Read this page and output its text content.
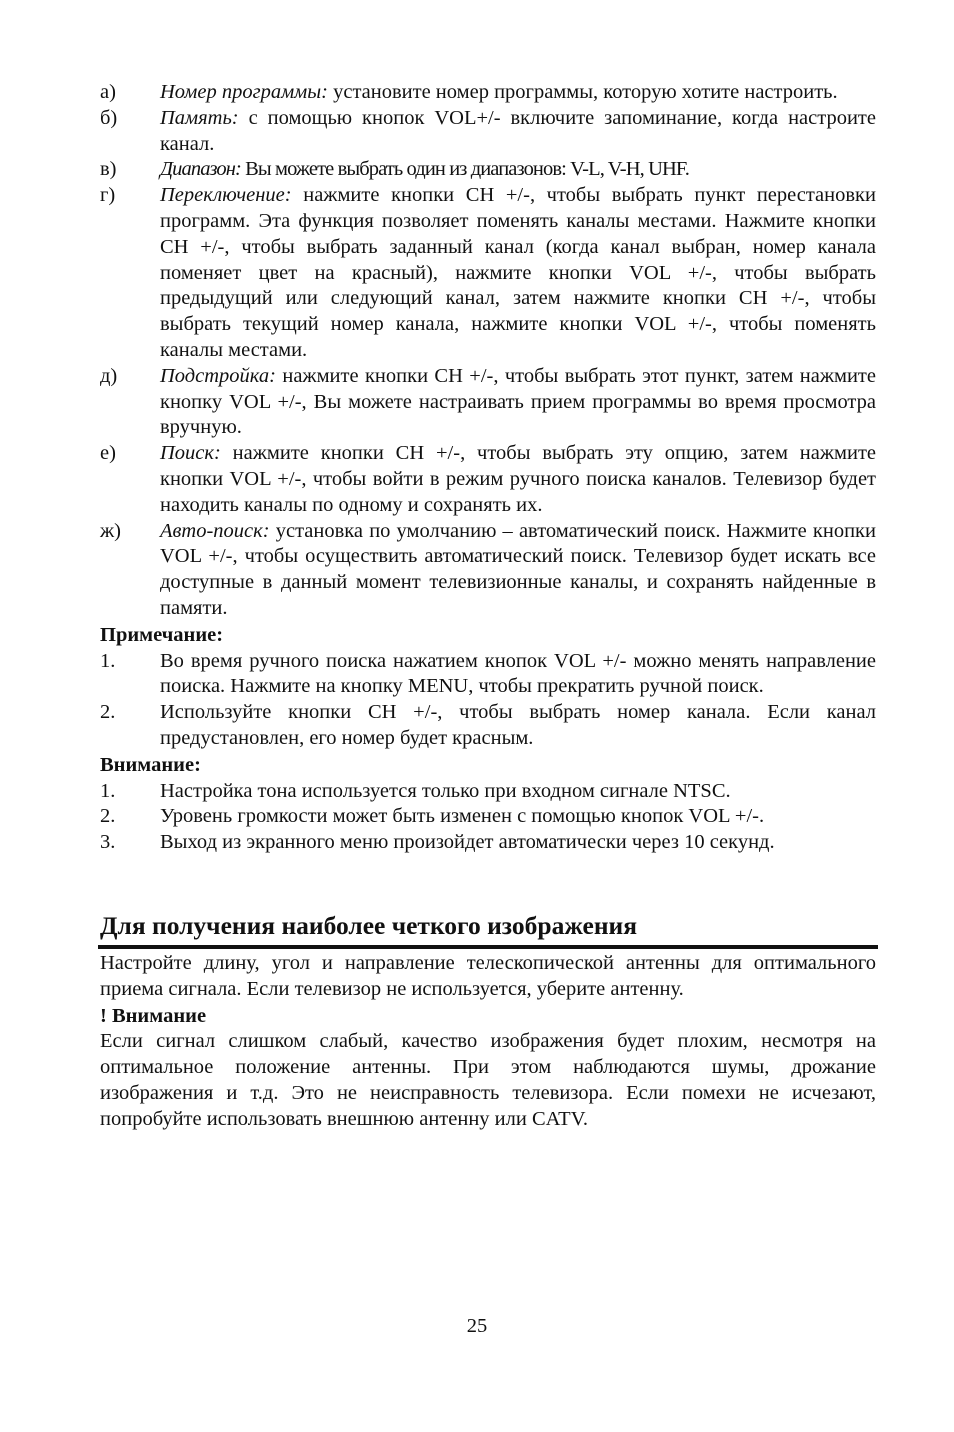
а)	Номер программы: установите номер программы, которую хотите настроить.
б)	Память: с помощью кнопок VOL+/- включите запоминание, когда настроите канал.
в)	Диапазон: Вы можете выбрать один из диапазонов: V-L, V-H, UHF.
г)	Переключение: нажмите кнопки CH +/-, чтобы выбрать пункт перестановки программ. Эта функция позволяет поменять каналы местами. Нажмите кнопки CH +/-, чтобы выбрать заданный канал (когда канал выбран, номер канала поменяет цвет на красный), нажмите кнопки VOL +/-, чтобы выбрать предыдущий или следующий канал, затем нажмите кнопки CH +/-, чтобы выбрать текущий номер канала, нажмите кнопки VOL +/-, чтобы поменять каналы местами.
д)	Подстройка: нажмите кнопки CH +/-, чтобы выбрать этот пункт, затем нажмите кнопку VOL +/-, Вы можете настраивать прием программы во время просмотра вручную.
е)	Поиск: нажмите кнопки CH +/-, чтобы выбрать эту опцию, затем нажмите кнопки VOL +/-, чтобы войти в режим ручного поиска каналов. Телевизор будет находить каналы по одному и сохранять их.
ж)	Авто-поиск: установка по умолчанию – автоматический поиск. Нажмите кнопки VOL +/-, чтобы осуществить автоматический поиск. Телевизор будет искать все доступные в данный момент телевизионные каналы, и сохранять найденные в памяти.
Примечание:
1.	Во время ручного поиска нажатием кнопок VOL +/- можно менять направление поиска. Нажмите на кнопку MENU, чтобы прекратить ручной поиск.
2.	Используйте кнопки CH +/-, чтобы выбрать номер канала. Если канал предустановлен, его номер будет красным.
Внимание:
1.	Настройка тона используется только при входном сигнале NTSC.
2.	Уровень громкости может быть изменен с помощью кнопок VOL +/-.
3.	Выход из экранного меню произойдет автоматически через 10 секунд.
Для получения наиболее четкого изображения
Настройте длину, угол и направление телескопической антенны для оптимального приема сигнала. Если телевизор не используется, уберите антенну.
! Внимание
Если сигнал слишком слабый, качество изображения будет плохим, несмотря на оптимальное положение антенны. При этом наблюдаются шумы, дрожание изображения и т.д. Это не неисправность телевизора. Если помехи не исчезают, попробуйте использовать внешнюю антенну или CATV.
25
